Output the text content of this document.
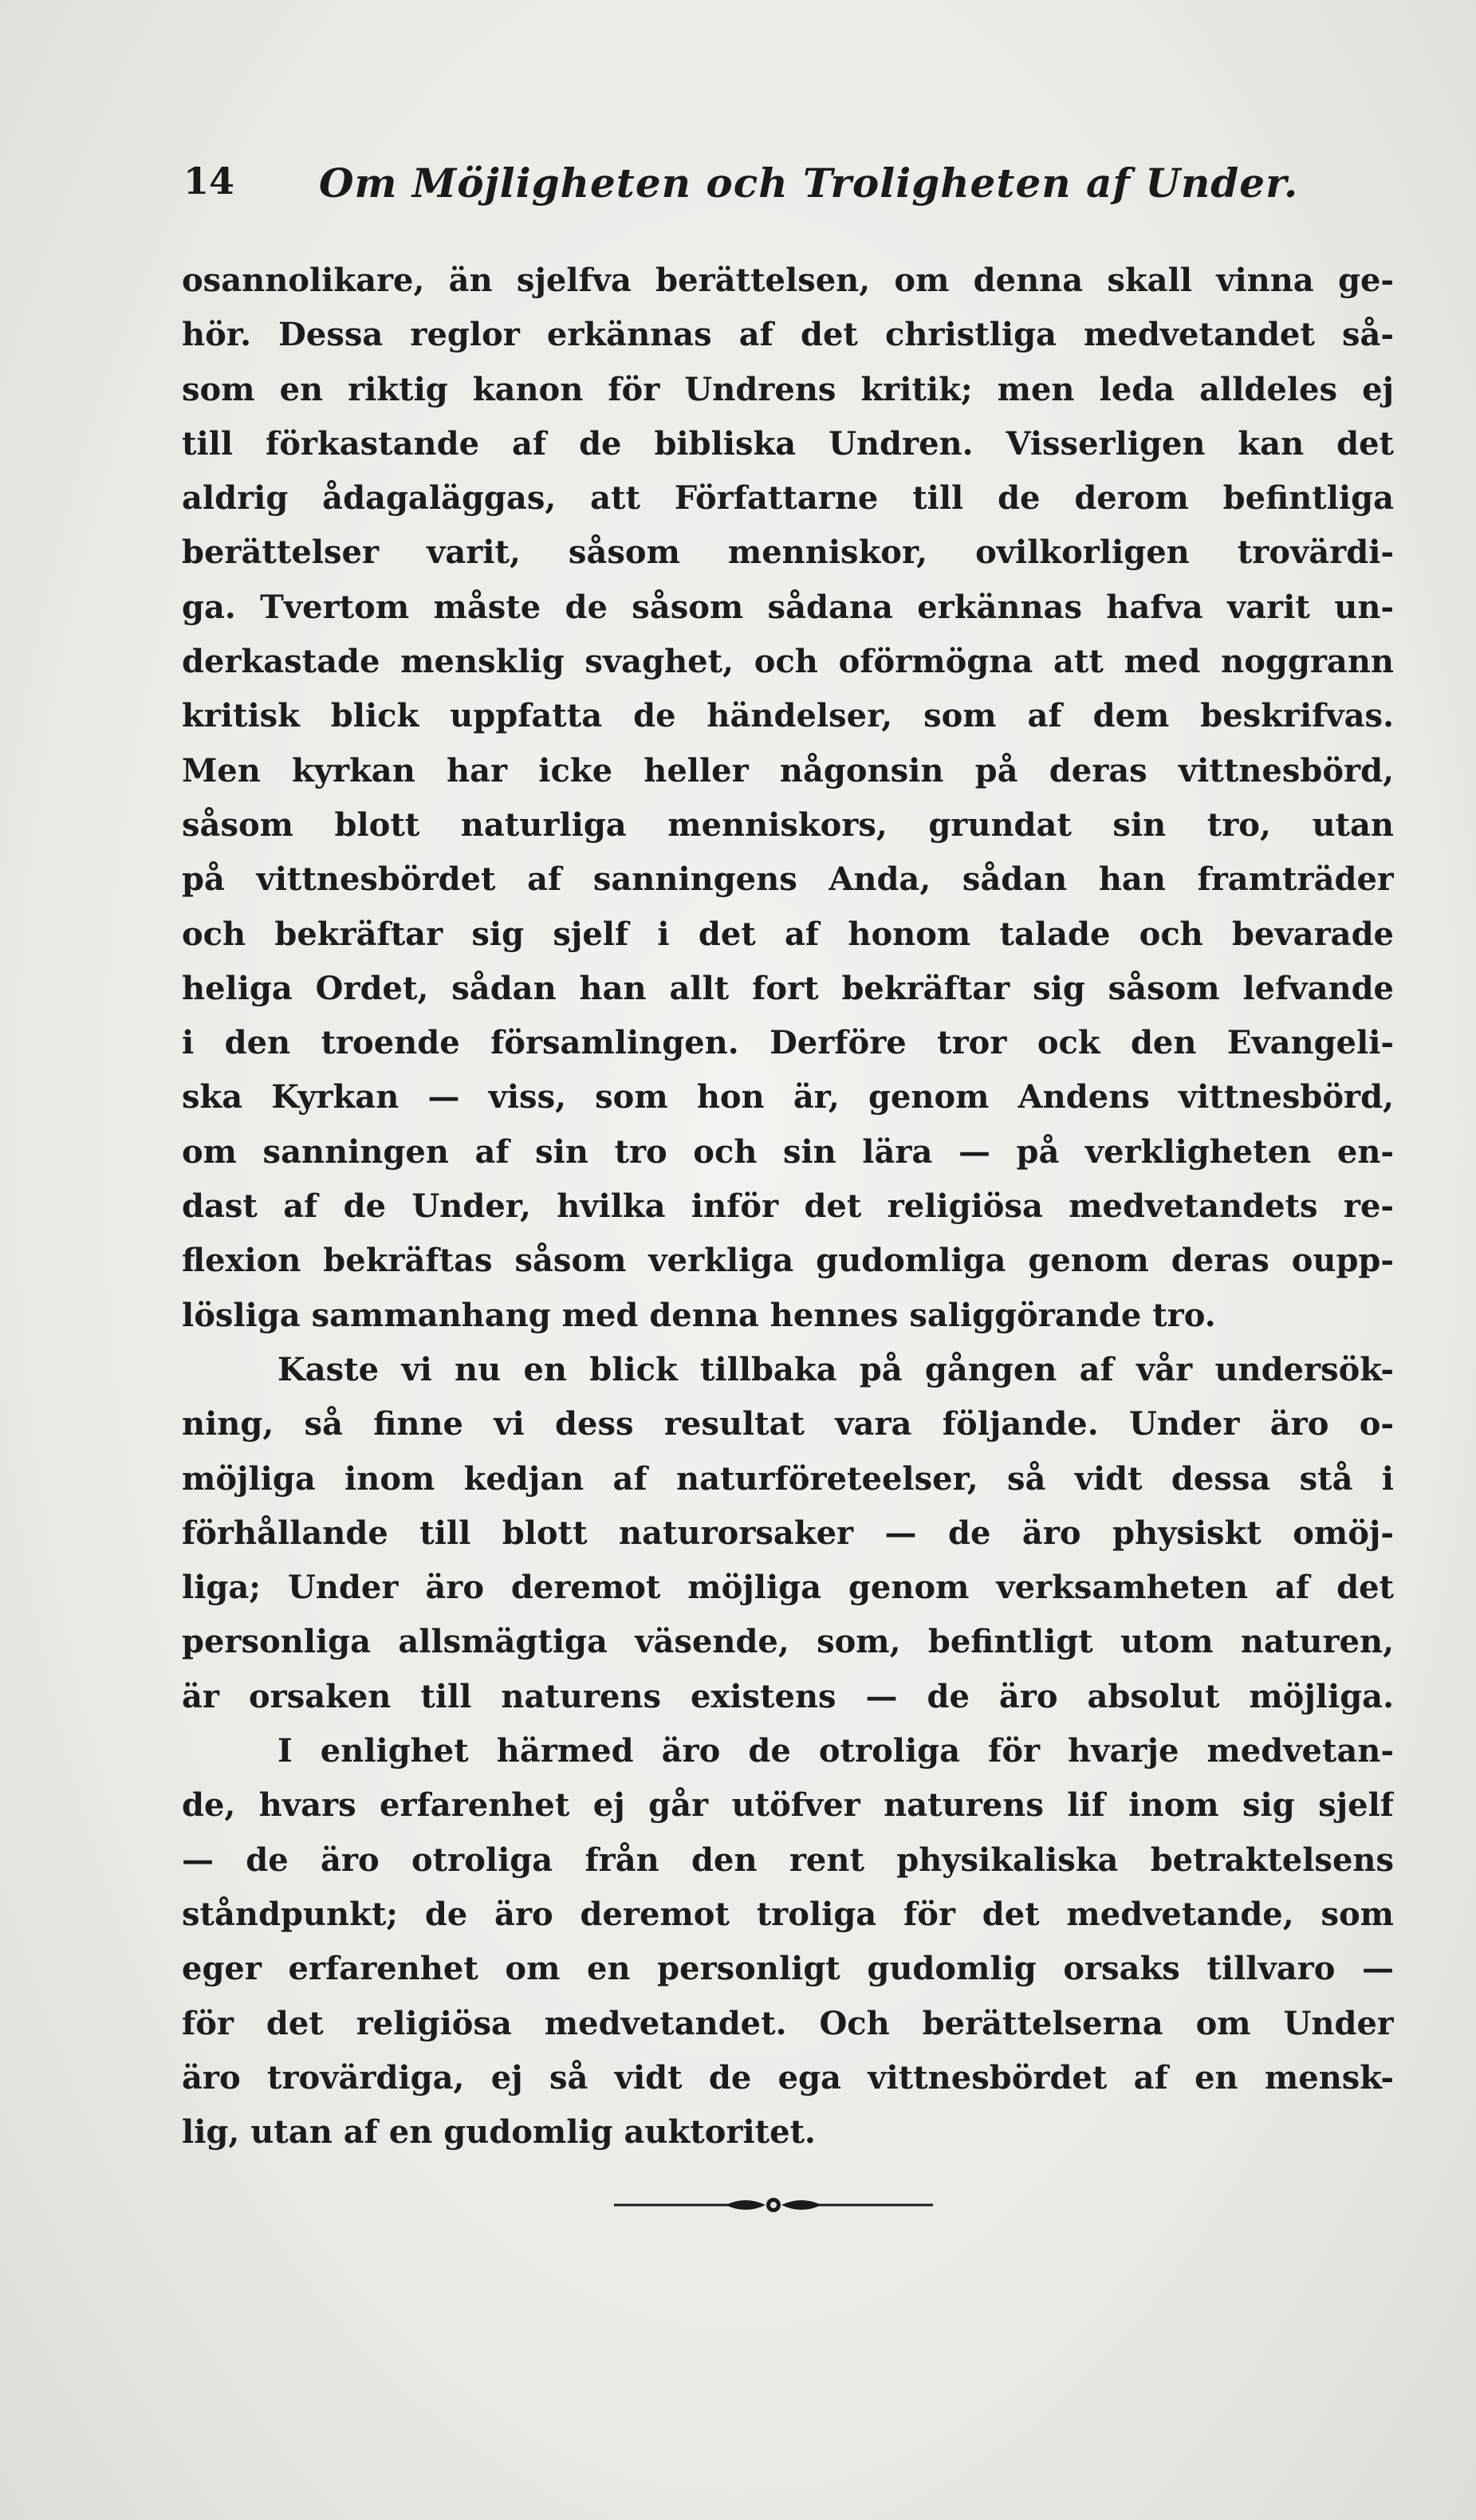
14 Om Möjligheten och Troligheten af Under.
osannolikare, än sjelfva berättelsen, om denna skall vinna ge-
hör. Dessa reglor erkännas af det christliga medvetandet så-
som en riktig kanon för Undrens kritik; men leda alldeles ej
till förkastande af de bibliska Undren. Visserligen kan det
aldrig ådagaläggas, att Författarne till de derom befintliga
berättelser varit, såsom menniskor, ovilkorligen trovärdi-
ga. Tvertom måste de såsom sådana erkännas hafva varit un-
derkastade mensklig svaghet, och oförmögna att med noggrann
kritisk blick uppfatta de händelser, som af dem beskrifvas.
Men kyrkan har icke heller någonsin på deras vittnesbörd,
såsom blott naturliga menniskors, grundat sin tro, utan
på vittnesbördet af sanningens Anda, sådan han framträder
och bekräftar sig sjelf i det af honom talade och bevarade
heliga Ordet, sådan han allt fort bekräftar sig såsom lefvande
i den troende församlingen. Derföre tror ock den Evangeli-
ska Kyrkan — viss, som hon är, genom Andens vittnesbörd,
om sanningen af sin tro och sin lära — på verkligheten en-
dast af de Under, hvilka inför det religiösa medvetandets re-
flexion bekräftas såsom verkliga gudomliga genom deras oupp-
lösliga sammanhang med denna hennes saliggörande tro.
Kaste vi nu en blick tillbaka på gången af vår undersök-
ning, så finne vi dess resultat vara följande. Under äro o-
möjliga inom kedjan af naturföreteelser, så vidt dessa stå i
förhållande till blott naturorsaker — de äro physiskt omöj-
liga; Under äro deremot möjliga genom verksamheten af det
personliga allsmägtiga väsende, som, befintligt utom naturen,
är orsaken till naturens existens — de äro absolut möjliga.
I enlighet härmed äro de otroliga för hvarje medvetan-
de, hvars erfarenhet ej går utöfver naturens lif inom sig sjelf
— de äro otroliga från den rent physikaliska betraktelsens
ståndpunkt; de äro deremot troliga för det medvetande, som
eger erfarenhet om en personligt gudomlig orsaks tillvaro —
för det religiösa medvetandet. Och berättelserna om Under
äro trovärdiga, ej så vidt de ega vittnesbördet af en mensk-
lig, utan af en gudomlig auktoritet.
